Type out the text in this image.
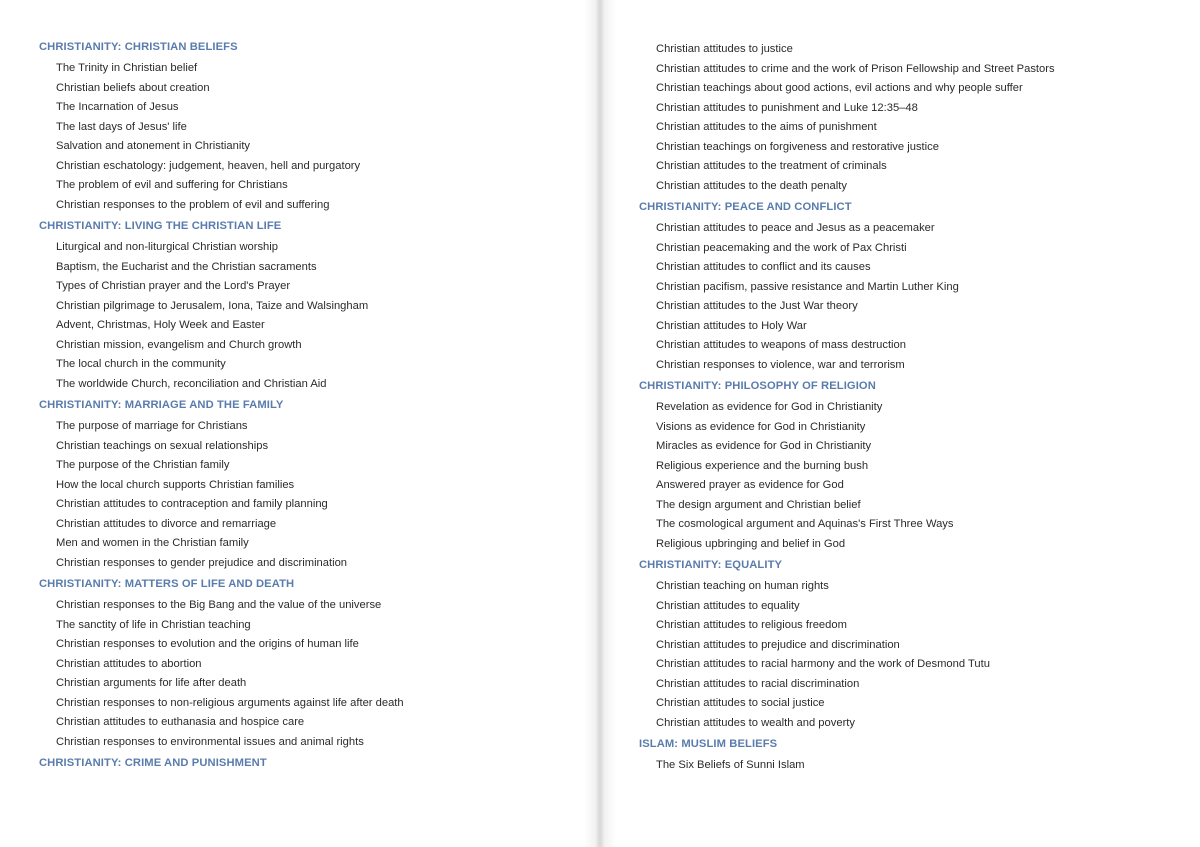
CHRISTIANITY: CHRISTIAN BELIEFS
The Trinity in Christian belief
Christian beliefs about creation
The Incarnation of Jesus
The last days of Jesus' life
Salvation and atonement in Christianity
Christian eschatology: judgement, heaven, hell and purgatory
The problem of evil and suffering for Christians
Christian responses to the problem of evil and suffering
CHRISTIANITY: LIVING THE CHRISTIAN LIFE
Liturgical and non-liturgical Christian worship
Baptism, the Eucharist and the Christian sacraments
Types of Christian prayer and the Lord's Prayer
Christian pilgrimage to Jerusalem, Iona, Taize and Walsingham
Advent, Christmas, Holy Week and Easter
Christian mission, evangelism and Church growth
The local church in the community
The worldwide Church, reconciliation and Christian Aid
CHRISTIANITY: MARRIAGE AND THE FAMILY
The purpose of marriage for Christians
Christian teachings on sexual relationships
The purpose of the Christian family
How the local church supports Christian families
Christian attitudes to contraception and family planning
Christian attitudes to divorce and remarriage
Men and women in the Christian family
Christian responses to gender prejudice and discrimination
CHRISTIANITY: MATTERS OF LIFE AND DEATH
Christian responses to the Big Bang and the value of the universe
The sanctity of life in Christian teaching
Christian responses to evolution and the origins of human life
Christian attitudes to abortion
Christian arguments for life after death
Christian responses to non-religious arguments against life after death
Christian attitudes to euthanasia and hospice care
Christian responses to environmental issues and animal rights
CHRISTIANITY: CRIME AND PUNISHMENT
Christian attitudes to justice
Christian attitudes to crime and the work of Prison Fellowship and Street Pastors
Christian teachings about good actions, evil actions and why people suffer
Christian attitudes to punishment and Luke 12:35–48
Christian attitudes to the aims of punishment
Christian teachings on forgiveness and restorative justice
Christian attitudes to the treatment of criminals
Christian attitudes to the death penalty
CHRISTIANITY: PEACE AND CONFLICT
Christian attitudes to peace and Jesus as a peacemaker
Christian peacemaking and the work of Pax Christi
Christian attitudes to conflict and its causes
Christian pacifism, passive resistance and Martin Luther King
Christian attitudes to the Just War theory
Christian attitudes to Holy War
Christian attitudes to weapons of mass destruction
Christian responses to violence, war and terrorism
CHRISTIANITY: PHILOSOPHY OF RELIGION
Revelation as evidence for God in Christianity
Visions as evidence for God in Christianity
Miracles as evidence for God in Christianity
Religious experience and the burning bush
Answered prayer as evidence for God
The design argument and Christian belief
The cosmological argument and Aquinas's First Three Ways
Religious upbringing and belief in God
CHRISTIANITY: EQUALITY
Christian teaching on human rights
Christian attitudes to equality
Christian attitudes to religious freedom
Christian attitudes to prejudice and discrimination
Christian attitudes to racial harmony and the work of Desmond Tutu
Christian attitudes to racial discrimination
Christian attitudes to social justice
Christian attitudes to wealth and poverty
ISLAM: MUSLIM BELIEFS
The Six Beliefs of Sunni Islam
